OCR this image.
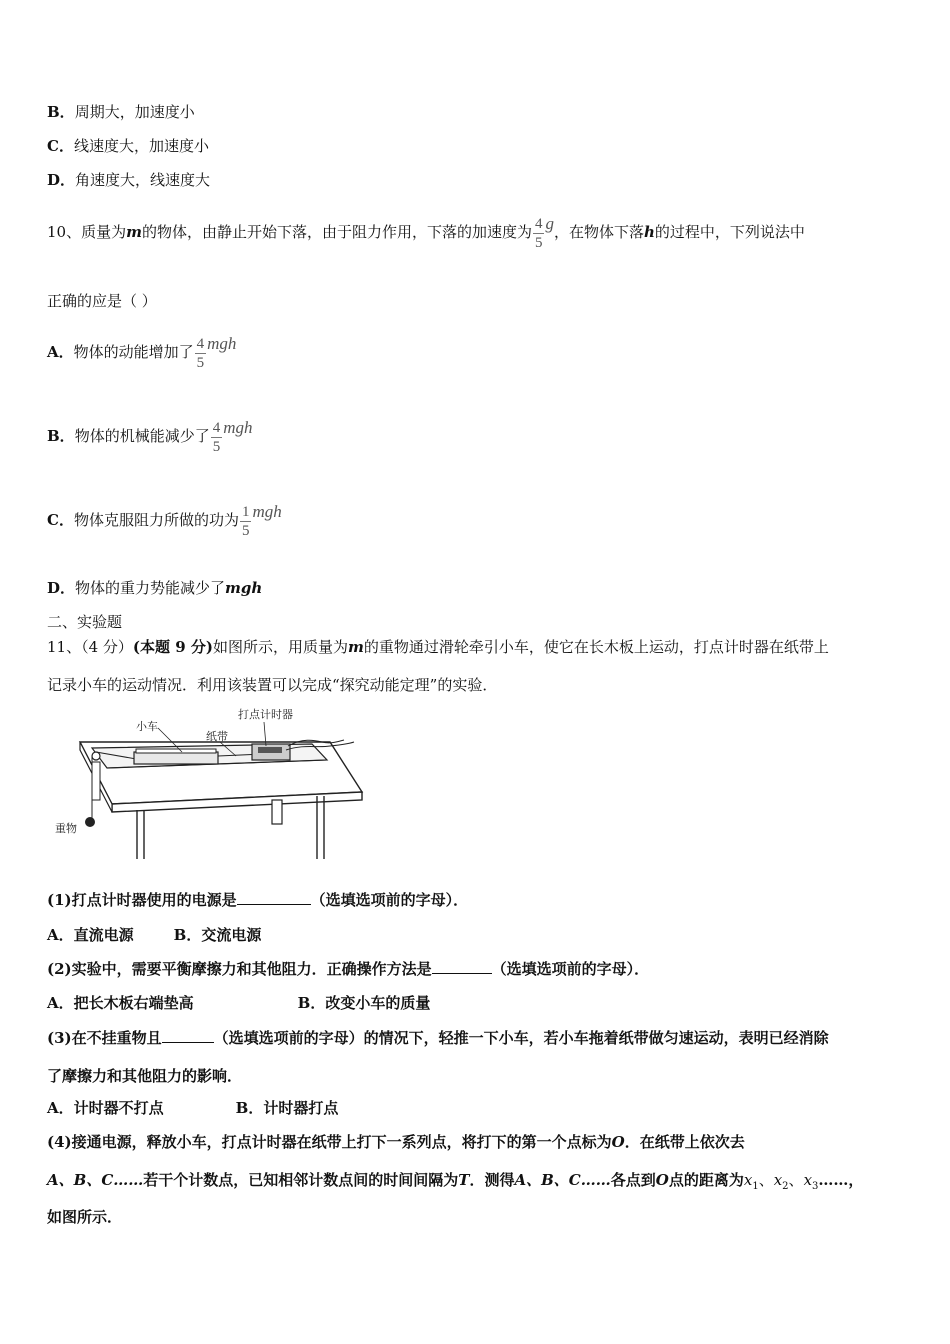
B．周期大，加速度小
C．线速度大，加速度小
D．角速度大，线速度大
10、质量为m的物体，由静止开始下落，由于阻力作用，下落的加速度为 $\frac{4}{5}$ g，在物体下落h的过程中，下列说法中
正确的应是（ ）
A．物体的动能增加了 $\frac{4}{5}$ mgh
B．物体的机械能减少了 $\frac{4}{5}$ mgh
C．物体克服阻力所做的功为 $\frac{1}{5}$ mgh
D．物体的重力势能减少了mgh
二、实验题
11、（4 分）(本题 9 分)如图所示，用质量为m的重物通过滑轮牵引小车，使它在长木板上运动，打点计时器在纸带上
记录小车的运动情况．利用该装置可以完成“探究动能定理”的实验．
小车
纸带
打点计时器
重物
(1)打点计时器使用的电源是	（选填选项前的字母）．
A．直流电源	B．交流电源
(2)实验中，需要平衡摩擦力和其他阻力．正确操作方法是	（选填选项前的字母）．
A．把长木板右端垫高	B．改变小车的质量
(3)在不挂重物且	（选填选项前的字母）的情况下，轻推一下小车，若小车拖着纸带做匀速运动，表明已经消除
了摩擦力和其他阻力的影响．
A．计时器不打点	B．计时器打点
(4)接通电源，释放小车，打点计时器在纸带上打下一系列点，将打下的第一个点标为O．在纸带上依次去
A、B、C……若干个计数点，已知相邻计数点间的时间间隔为T．测得A、B、C……各点到O点的距离为$x_1$、$x_2$、$x_3\dots\dots$，
如图所示．
